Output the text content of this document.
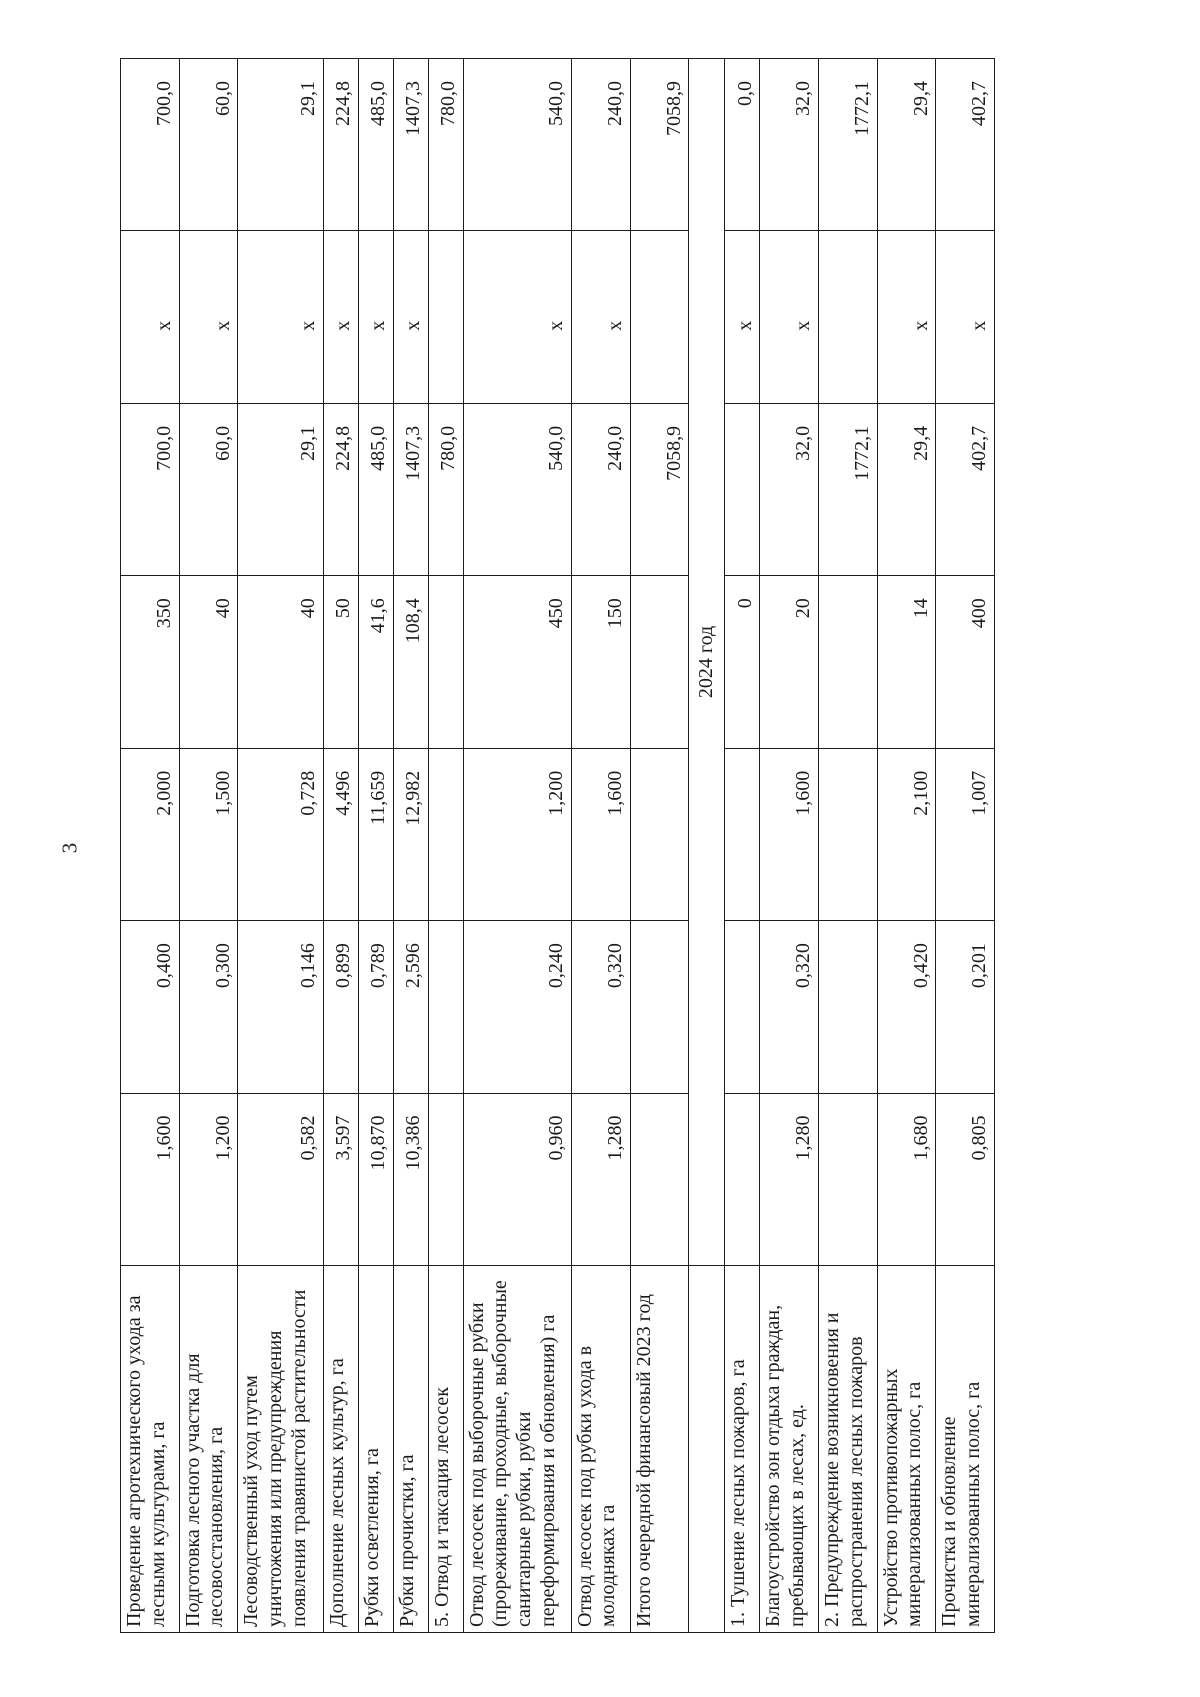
3
Проведение агротехнического ухода за лесными культурами, га	1,600	0,400	2,000	350	700,0	х	700,0
Подготовка лесного участка для лесовосстановления, га	1,200	0,300	1,500	40	60,0	х	60,0
Лесоводственный уход путем уничтожения или предупреждения появления травянистой растительности	0,582	0,146	0,728	40	29,1	х	29,1
Дополнение лесных культур, га	3,597	0,899	4,496	50	224,8	х	224,8
Рубки осветления, га	10,870	0,789	11,659	41,6	485,0	х	485,0
Рубки прочистки, га	10,386	2,596	12,982	108,4	1407,3	х	1407,3
5. Отвод и таксация лесосек					780,0		780,0
Отвод лесосек под выборочные рубки (прореживание, проходные, выборочные санитарные рубки, рубки переформирования и обновления) га	0,960	0,240	1,200	450	540,0	х	540,0
Отвод лесосек под рубки ухода в молодняках га	1,280	0,320	1,600	150	240,0	х	240,0
Итого очередной финансовый 2023 год					7058,9		7058,9
	2024 год						
1. Тушение лесных пожаров, га				0		х	0,0
Благоустройство зон отдыха граждан, пребывающих в лесах, ед.	1,280	0,320	1,600	20	32,0	х	32,0
2. Предупреждение возникновения и распространения лесных пожаров					1772,1		1772,1
Устройство противопожарных минерализованных полос, га	1,680	0,420	2,100	14	29,4	х	29,4
Прочистка и обновление минерализованных полос, га	0,805	0,201	1,007	400	402,7	х	402,7
